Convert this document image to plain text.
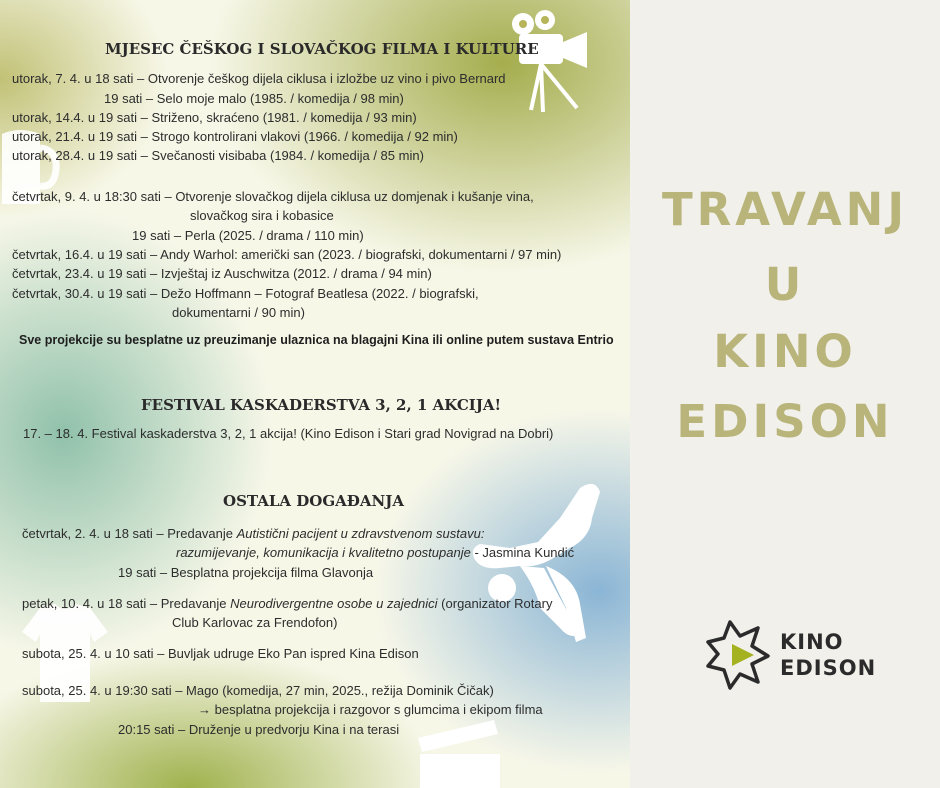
MJESEC ČEŠKOG I SLOVAČKOG FILMA I KULTURE
utorak, 7. 4. u 18 sati – Otvorenje češkog dijela ciklusa i izložbe uz vino i pivo Bernard
19 sati – Selo moje malo (1985. / komedija / 98 min)
utorak, 14.4. u 19 sati – Striženo, skraćeno (1981. / komedija / 93 min)
utorak, 21.4. u 19 sati – Strogo kontrolirani vlakovi (1966. / komedija / 92 min)
utorak, 28.4. u 19 sati – Svečanosti visibaba (1984. / komedija / 85 min)
četvrtak, 9. 4. u 18:30 sati – Otvorenje slovačkog dijela ciklusa uz domjenak i kušanje vina,
slovačkog sira i kobasice
19 sati – Perla (2025. / drama / 110 min)
četvrtak, 16.4. u 19 sati – Andy Warhol: američki san (2023. / biografski, dokumentarni / 97 min)
četvrtak, 23.4. u 19 sati – Izvještaj iz Auschwitza (2012. / drama / 94 min)
četvrtak, 30.4. u 19 sati – Dežo Hoffmann – Fotograf Beatlesa (2022. / biografski,
dokumentarni / 90 min)
Sve projekcije su besplatne uz preuzimanje ulaznica na blagajni Kina ili online putem sustava Entrio
FESTIVAL KASKADERSTVA 3, 2, 1 AKCIJA!
17. – 18. 4. Festival kaskaderstva 3, 2, 1 akcija! (Kino Edison i Stari grad Novigrad na Dobri)
OSTALA DOGAĐANJA
četvrtak, 2. 4. u 18 sati – Predavanje Autistični pacijent u zdravstvenom sustavu:
razumijevanje, komunikacija i kvalitetno postupanje - Jasmina Kundić
19 sati – Besplatna projekcija filma Glavonja
petak, 10. 4. u 18 sati – Predavanje Neurodivergentne osobe u zajednici (organizator Rotary
Club Karlovac za Frendofon)
subota, 25. 4. u 10 sati – Buvljak udruge Eko Pan ispred Kina Edison
subota, 25. 4. u 19:30 sati – Mago (komedija, 27 min, 2025., režija Dominik Čičak)
→ besplatna projekcija i razgovor s glumcima i ekipom filma
20:15 sati – Druženje u predvorju Kina i na terasi
TRAVANJ
U
KINO
EDISON
KINO
EDISON
